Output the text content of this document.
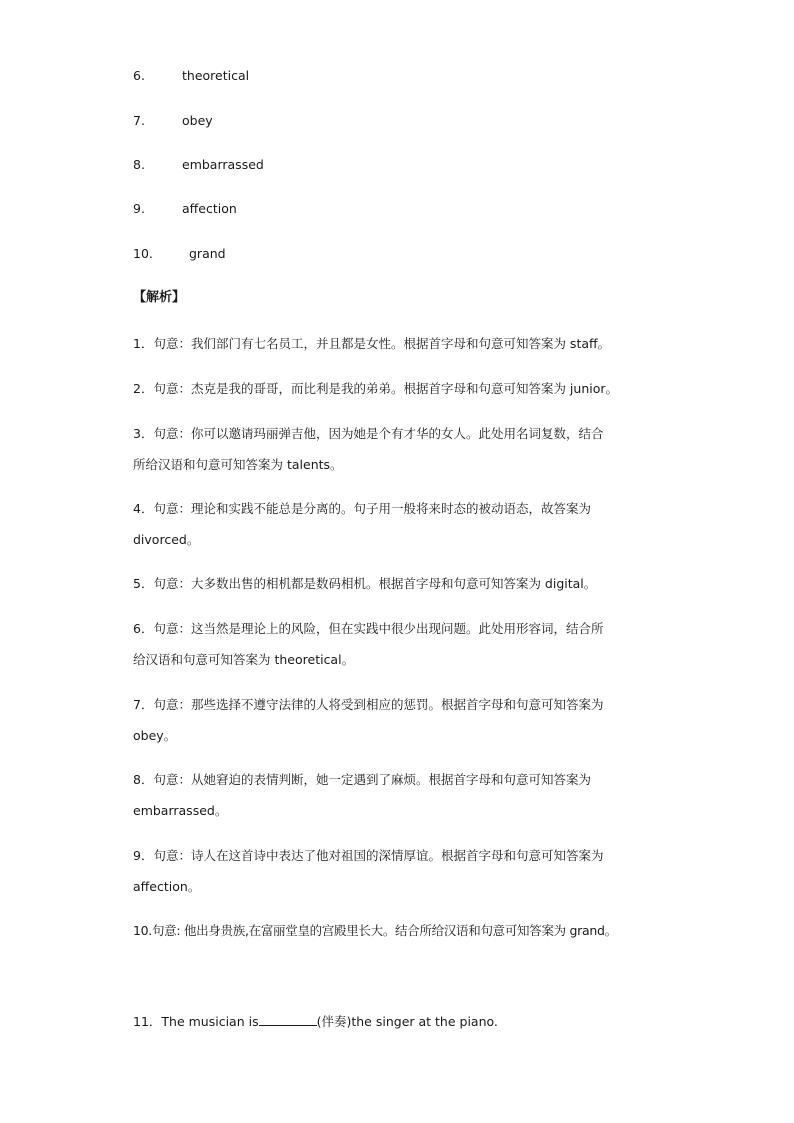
6.	theoretical
7.	obey
8.	embarrassed
9.	affection
10.	grand
【解析】
1．句意：我们部门有七名员工，并且都是女性。根据首字母和句意可知答案为 staff。
2．句意：杰克是我的哥哥，而比利是我的弟弟。根据首字母和句意可知答案为 junior。
3．句意：你可以邀请玛丽弹吉他，因为她是个有才华的女人。此处用名词复数，结合
所给汉语和句意可知答案为 talents。
4．句意：理论和实践不能总是分离的。句子用一般将来时态的被动语态，故答案为
divorced。
5．句意：大多数出售的相机都是数码相机。根据首字母和句意可知答案为 digital。
6．句意：这当然是理论上的风险，但在实践中很少出现问题。此处用形容词，结合所
给汉语和句意可知答案为 theoretical。
7．句意：那些选择不遵守法律的人将受到相应的惩罚。根据首字母和句意可知答案为
obey。
8．句意：从她窘迫的表情判断，她一定遇到了麻烦。根据首字母和句意可知答案为
embarrassed。
9．句意：诗人在这首诗中表达了他对祖国的深情厚谊。根据首字母和句意可知答案为
affection。
10.句意: 他出身贵族,在富丽堂皇的宫殿里长大。结合所给汉语和句意可知答案为 grand。
11．The musician is	(伴奏)the singer at the piano.
